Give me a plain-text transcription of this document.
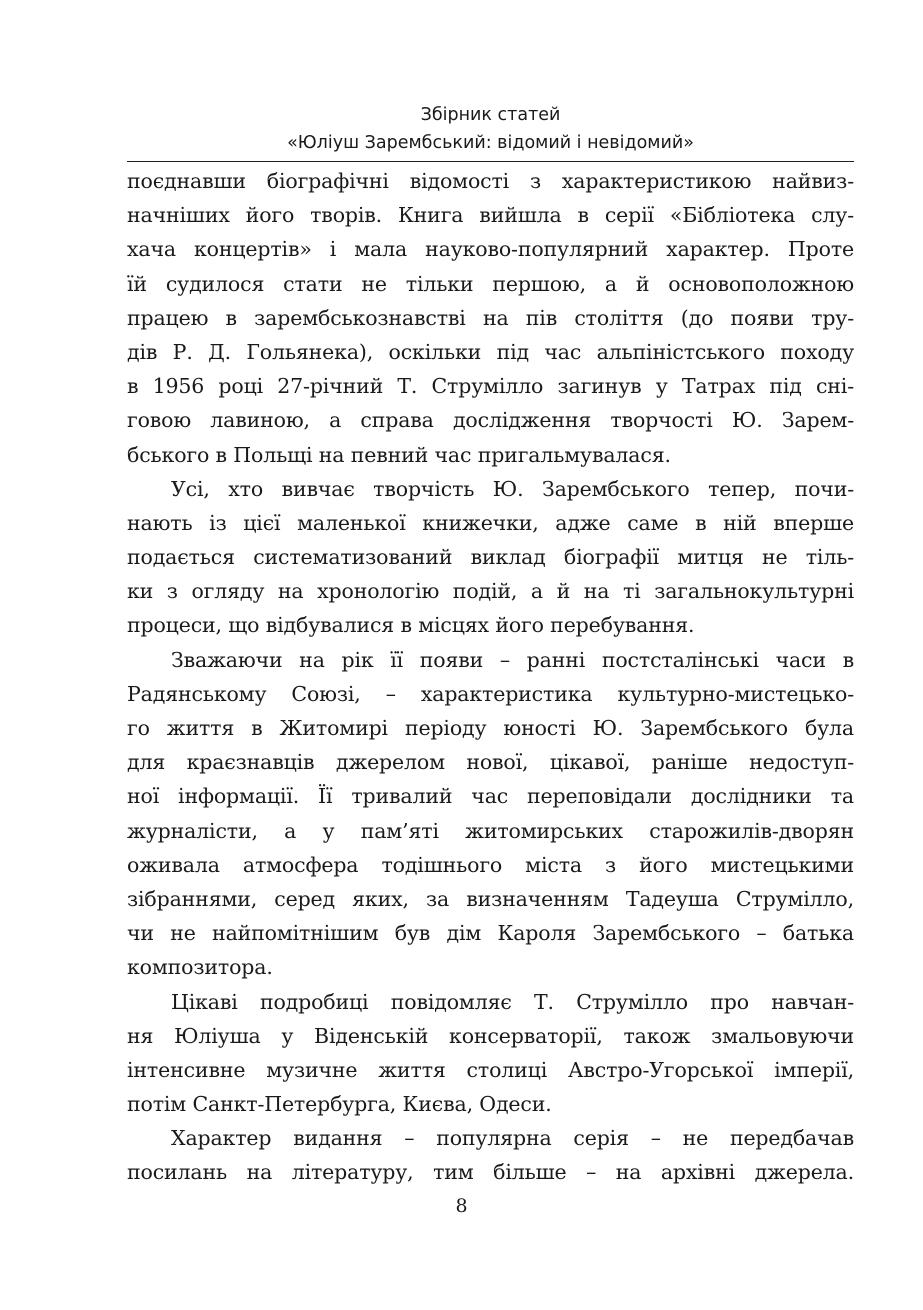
Збірник статей
«Юліуш Зарембський: відомий і невідомий»
поєднавши біографічні відомості з характеристикою найвиз-
начніших його творів. Книга вийшла в серії «Бібліотека слу-
хача концертів» і мала науково-популярний характер. Проте
їй судилося стати не тільки першою, а й основоположною
працею в зарембськознавстві на пів століття (до появи тру-
дів Р. Д. Гольянека), оскільки під час альпіністського походу
в 1956 році 27-річний Т. Струмілло загинув у Татрах під сні-
говою лавиною, а справа дослідження творчості Ю. Зарем-
бського в Польщі на певний час пригальмувалася.
Усі, хто вивчає творчість Ю. Зарембського тепер, почи-
нають із цієї маленької книжечки, адже саме в ній вперше
подається систематизований виклад біографії митця не тіль-
ки з огляду на хронологію подій, а й на ті загальнокультурні
процеси, що відбувалися в місцях його перебування.
Зважаючи на рік її появи – ранні постсталінські часи в
Радянському Союзі, – характеристика культурно-мистецько-
го життя в Житомирі періоду юності Ю. Зарембського була
для краєзнавців джерелом нової, цікавої, раніше недоступ-
ної інформації. Її тривалий час переповідали дослідники та
журналісти, а у пам’яті житомирських старожилів-дворян
оживала атмосфера тодішнього міста з його мистецькими
зібраннями, серед яких, за визначенням Тадеуша Струмілло,
чи не найпомітнішим був дім Кароля Зарембського – батька
композитора.
Цікаві подробиці повідомляє Т. Струмілло про навчан-
ня Юліуша у Віденській консерваторії, також змальовуючи
інтенсивне музичне життя столиці Австро-Угорської імперії,
потім Санкт-Петербурга, Києва, Одеси.
Характер видання – популярна серія – не передбачав
посилань на літературу, тим більше – на архівні джерела.
8
